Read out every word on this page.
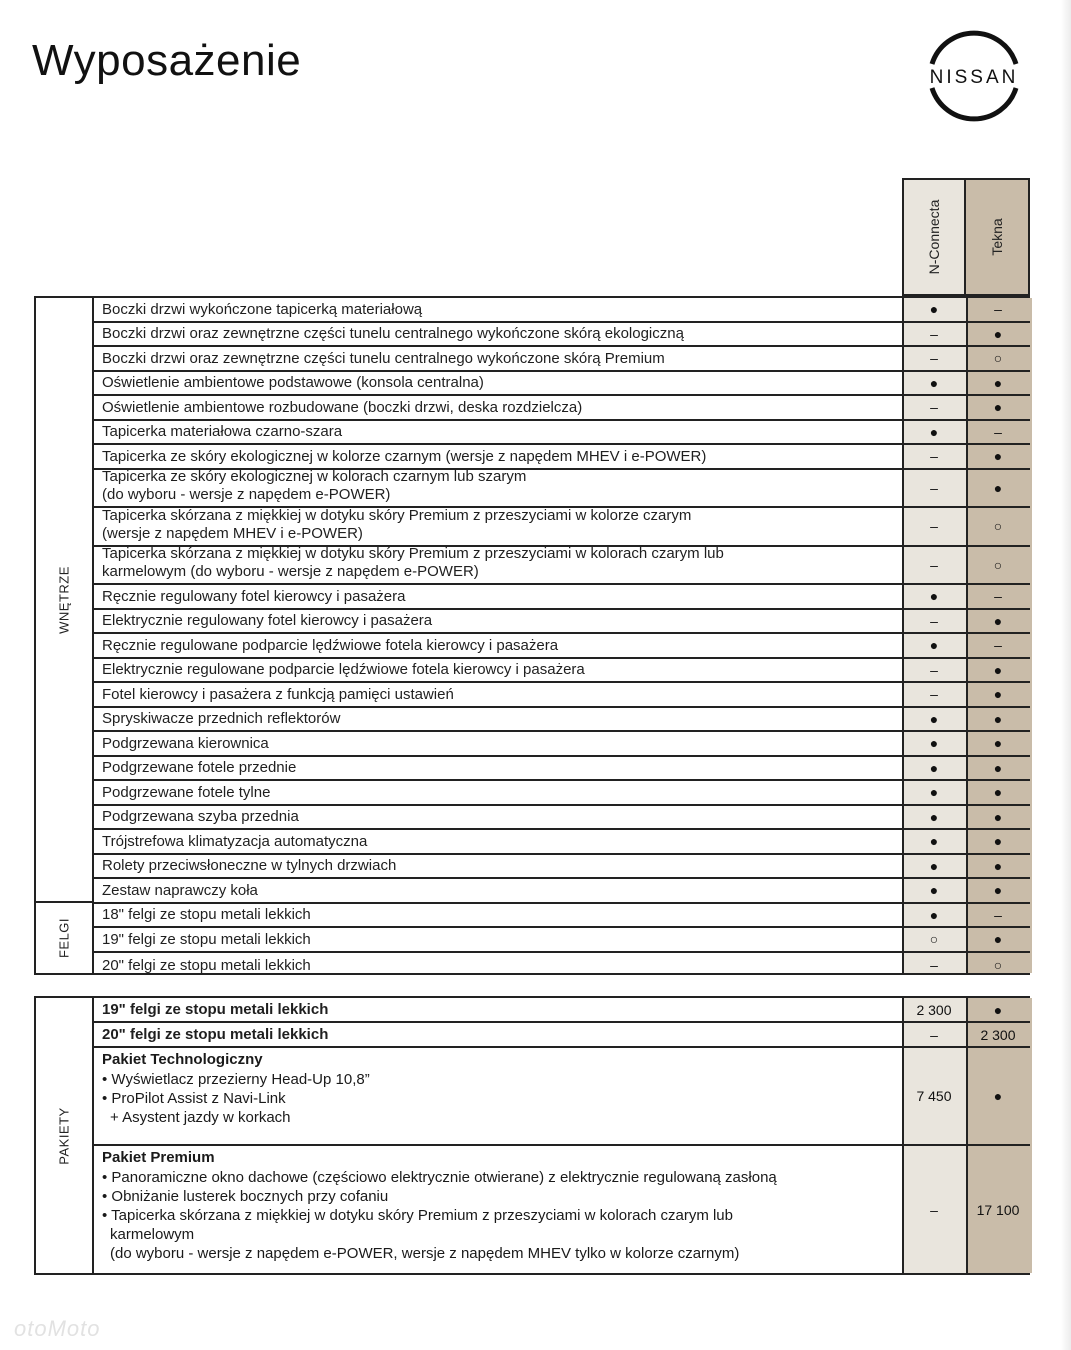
Wyposażenie	NISSAN
N-Connecta	Tekna
WNĘTRZE
FELGI
Boczki drzwi wykończone tapicerką materiałową	●	–
Boczki drzwi oraz zewnętrzne części tunelu centralnego wykończone skórą ekologiczną	–	●
Boczki drzwi oraz zewnętrzne części tunelu centralnego wykończone skórą Premium	–	○
Oświetlenie ambientowe podstawowe (konsola centralna)	●	●
Oświetlenie ambientowe rozbudowane (boczki drzwi, deska rozdzielcza)	–	●
Tapicerka materiałowa czarno-szara	●	–
Tapicerka ze skóry ekologicznej w kolorze czarnym (wersje z napędem MHEV i e-POWER)	–	●
Tapicerka ze skóry ekologicznej w kolorach czarnym lub szarym
(do wyboru - wersje z napędem e-POWER)	–	●
Tapicerka skórzana z miękkiej w dotyku skóry Premium z przeszyciami w kolorze czarym
(wersje z napędem MHEV i e-POWER)	–	○
Tapicerka skórzana z miękkiej w dotyku skóry Premium z przeszyciami w kolorach czarym lub
karmelowym (do wyboru - wersje z napędem e-POWER)	–	○
Ręcznie regulowany fotel kierowcy i pasażera	●	–
Elektrycznie regulowany fotel kierowcy i pasażera	–	●
Ręcznie regulowane podparcie lędźwiowe fotela kierowcy i pasażera	●	–
Elektrycznie regulowane podparcie lędźwiowe fotela kierowcy i pasażera	–	●
Fotel kierowcy i pasażera z funkcją pamięci ustawień	–	●
Spryskiwacze przednich reflektorów	●	●
Podgrzewana kierownica	●	●
Podgrzewane fotele przednie	●	●
Podgrzewane fotele tylne	●	●
Podgrzewana szyba przednia	●	●
Trójstrefowa klimatyzacja automatyczna	●	●
Rolety przeciwsłoneczne w tylnych drzwiach	●	●
Zestaw naprawczy koła	●	●
18" felgi ze stopu metali lekkich	●	–
19" felgi ze stopu metali lekkich	○	●
20" felgi ze stopu metali lekkich	–	○
PAKIETY
19" felgi ze stopu metali lekkich	2 300	●
20" felgi ze stopu metali lekkich	–	2 300
Pakiet Technologiczny
• Wyświetlacz przezierny Head-Up 10,8”
• ProPilot Assist z Navi-Link
+ Asystent jazdy w korkach
7 450	●
Pakiet Premium
• Panoramiczne okno dachowe (częściowo elektrycznie otwierane) z elektrycznie regulowaną zasłoną
• Obniżanie lusterek bocznych przy cofaniu
• Tapicerka skórzana z miękkiej w dotyku skóry Premium z przeszyciami w kolorach czarym lub
karmelowym
(do wyboru - wersje z napędem e-POWER, wersje z napędem MHEV tylko w kolorze czarnym)
–	17 100
otoMoto
